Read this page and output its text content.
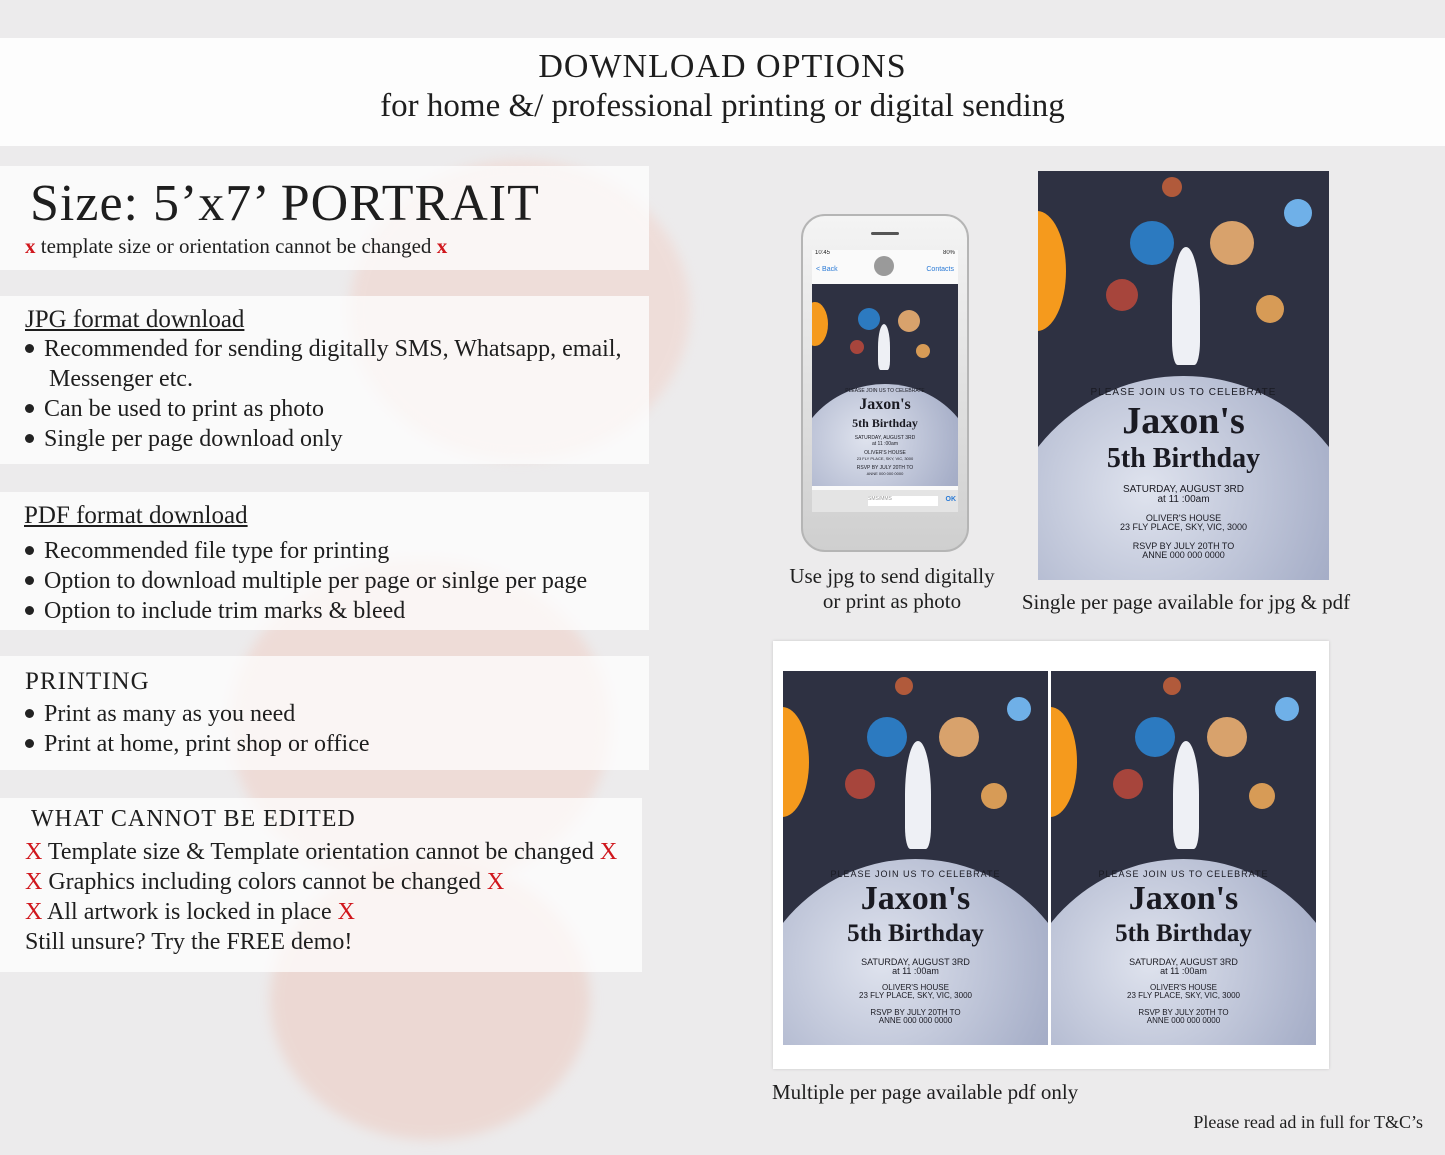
DOWNLOAD OPTIONS
for home &/ professional printing or digital sending
Size: 5’x7’ PORTRAIT
x template size or orientation cannot be changed x
JPG format download
Recommended for sending digitally SMS, Whatsapp, email,
Messenger etc.
Can be used to print as photo
Single per page download only
PDF format download
Recommended file type for printing
Option to download multiple per page or sinlge per page
Option to include trim marks & bleed
PRINTING
Print as many as you need
Print at home, print shop or office
WHAT CANNOT BE EDITED
X Template size & Template orientation cannot be changed X
X Graphics including colors cannot be changed X
X All artwork is locked in place X
Still unsure? Try the FREE demo!
10:45	80%
< Back	Contacts
PLEASE JOIN US TO CELEBRATE
Jaxon's
5th Birthday
SATURDAY, AUGUST 3RD
at 11 :00am
OLIVER'S HOUSE
23 FLY PLACE, SKY, VIC, 3000
RSVP BY JULY 20TH TO
ANNE 000 000 0000
SMS/MMS	OK
Use jpg to send digitally
or print as photo
PLEASE JOIN US TO CELEBRATE
Jaxon's
5th Birthday
SATURDAY, AUGUST 3RD
at 11 :00am
OLIVER'S HOUSE
23 FLY PLACE, SKY, VIC, 3000
RSVP BY JULY 20TH TO
ANNE 000 000 0000
Single per page available for jpg & pdf
PLEASE JOIN US TO CELEBRATE
Jaxon's
5th Birthday
SATURDAY, AUGUST 3RD
at 11 :00am
OLIVER'S HOUSE
23 FLY PLACE, SKY, VIC, 3000
RSVP BY JULY 20TH TO
ANNE 000 000 0000
PLEASE JOIN US TO CELEBRATE
Jaxon's
5th Birthday
SATURDAY, AUGUST 3RD
at 11 :00am
OLIVER'S HOUSE
23 FLY PLACE, SKY, VIC, 3000
RSVP BY JULY 20TH TO
ANNE 000 000 0000
Multiple per page available pdf only
Please read ad in full for T&C’s
